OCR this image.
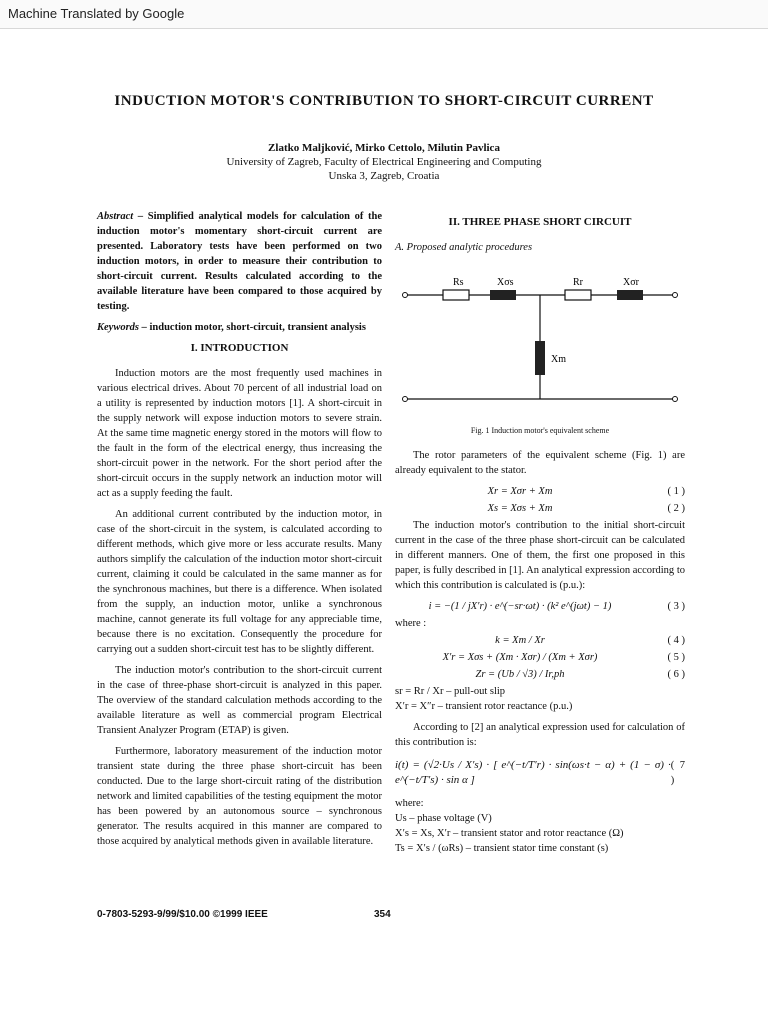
Machine Translated by Google
INDUCTION MOTOR'S CONTRIBUTION TO SHORT-CIRCUIT CURRENT
Zlatko Maljković, Mirko Cettolo, Milutin Pavlica
University of Zagreb, Faculty of Electrical Engineering and Computing
Unska 3, Zagreb, Croatia

Abstract – Simplified analytical models for calculation of the induction motor's momentary short-circuit current are presented. Laboratory tests have been performed on two induction motors, in order to measure their contribution to short-circuit current. Results calculated according to the available literature have been compared to those acquired by testing.

Keywords – induction motor, short-circuit, transient analysis

I. INTRODUCTION

Induction motors are the most frequently used machines in various electrical drives. About 70 percent of all industrial load on a utility is represented by induction motors [1]. A short-circuit in the supply network will expose induction motors to severe strain. At the same time magnetic energy stored in the motors will flow to the fault in the form of the electrical energy, thus increasing the short-circuit power in the network. For the short period after the short-circuit occurs in the supply network an induction motor will act as a supply feeding the fault.

An additional current contributed by the induction motor, in case of the short-circuit in the system, is calculated according to different methods, which give more or less accurate results. Many authors simplify the calculation of the induction motor short-circuit current, claiming it could be calculated in the same manner as for the synchronous machines, but there is a difference. When isolated from the supply, an induction motor, unlike a synchronous machine, cannot generate its full voltage for any appreciable time, because there is no excitation. Consequently the procedure for carrying out a sudden short-circuit test has to be slightly different.

The induction motor's contribution to the short-circuit current in the case of three-phase short-circuit is analyzed in this paper. The overview of the standard calculation methods according to the available literature as well as commercial program Electrical Transient Analyzer Program (ETAP) is given.

Furthermore, laboratory measurement of the induction motor transient state during the three phase short-circuit has been conducted. Due to the large short-circuit rating of the distribution network and limited capabilities of the testing equipment the motor has been powered by an autonomous source – synchronous generator. The results acquired in this manner are compared to those acquired by analytical methods given in available literature.

II. THREE PHASE SHORT CIRCUIT
A. Proposed analytic procedures
Rs	Xσs	Rr	Xσr
Xm
Fig. 1 Induction motor's equivalent scheme

The rotor parameters of the equivalent scheme (Fig. 1) are already equivalent to the stator.

Xr = Xσr + Xm	( 1 )
Xs = Xσs + Xm	( 2 )

The induction motor's contribution to the initial short-circuit current in the case of the three phase short-circuit can be calculated in different manners. One of them, the first one proposed in this paper, is fully described in [1]. An analytical expression according to which this contribution is calculated is (p.u.):

i = −(1 / jX′r) · e^(−sr·ωt) · (k² e^(jωt) − 1)	( 3 )
where :
k = Xm / Xr	( 4 )
X′r = Xσs + (Xm · Xσr) / (Xm + Xσr)	( 5 )
Zr = (Ub / √3) / Ir,ph	( 6 )
sr = Rr / Xr – pull-out slip
X′r = X″r – transient rotor reactance (p.u.)

According to [2] an analytical expression used for calculation of this contribution is:

i(t) = (√2·Us / X′s) · [ e^(−t/T′r) · sin(ωs·t − α) + (1 − σ) · e^(−t/T′s) · sin α ]
( 7 )
where:
Us – phase voltage (V)
X′s = Xs, X′r – transient stator and rotor reactance (Ω)
Ts = X′s / (ωRs) – transient stator time constant (s)
0-7803-5293-9/99/$10.00 ©1999 IEEE	354
